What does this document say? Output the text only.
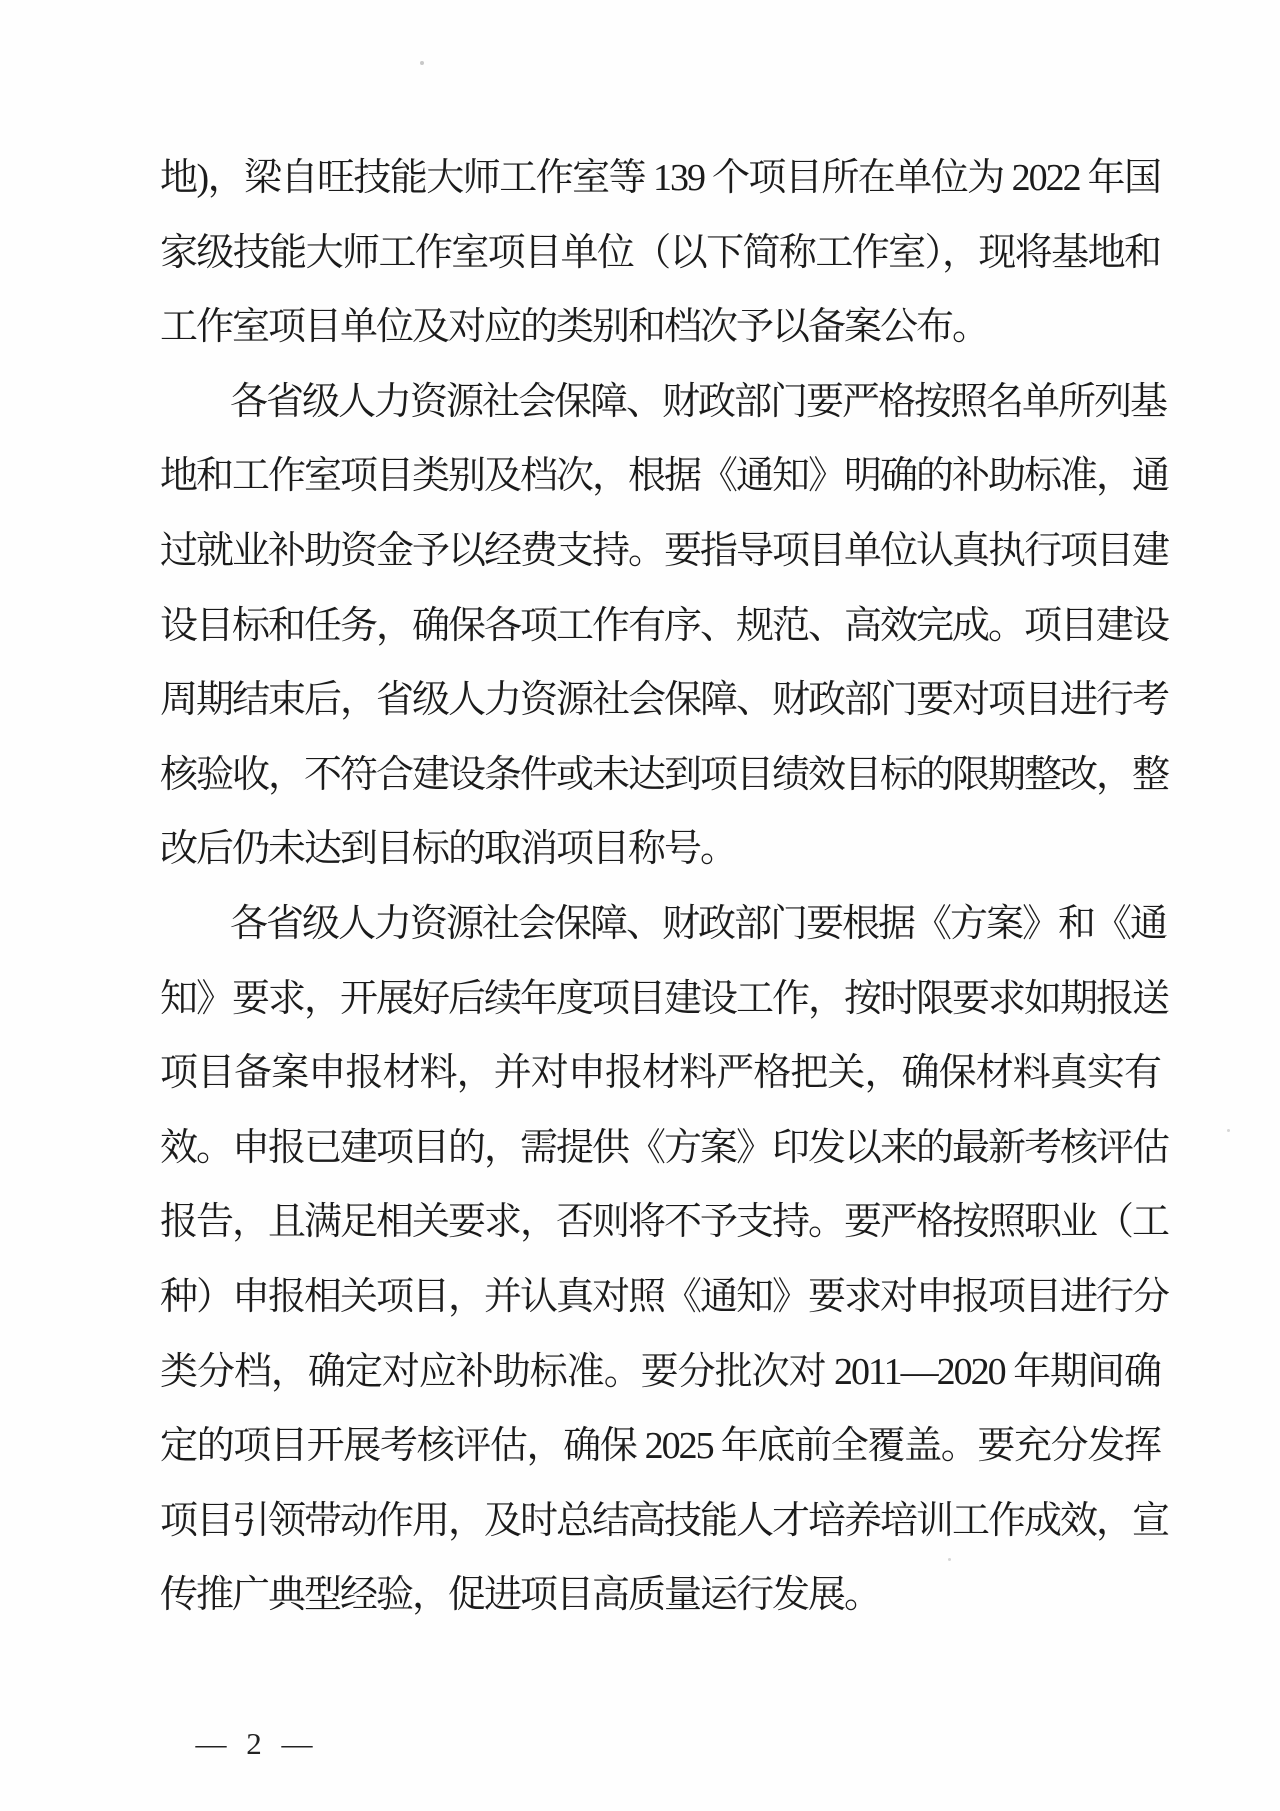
地)，梁自旺技能大师工作室等 139 个项目所在单位为 2022 年国
家级技能大师工作室项目单位（以下简称工作室），现将基地和
工作室项目单位及对应的类别和档次予以备案公布。
各省级人力资源社会保障、财政部门要严格按照名单所列基
地和工作室项目类别及档次，根据《通知》明确的补助标准，通
过就业补助资金予以经费支持。要指导项目单位认真执行项目建
设目标和任务，确保各项工作有序、规范、高效完成。项目建设
周期结束后，省级人力资源社会保障、财政部门要对项目进行考
核验收，不符合建设条件或未达到项目绩效目标的限期整改，整
改后仍未达到目标的取消项目称号。
各省级人力资源社会保障、财政部门要根据《方案》和《通
知》要求，开展好后续年度项目建设工作，按时限要求如期报送
项目备案申报材料，并对申报材料严格把关，确保材料真实有
效。申报已建项目的，需提供《方案》印发以来的最新考核评估
报告，且满足相关要求，否则将不予支持。要严格按照职业（工
种）申报相关项目，并认真对照《通知》要求对申报项目进行分
类分档，确定对应补助标准。要分批次对 2011—2020 年期间确
定的项目开展考核评估，确保 2025 年底前全覆盖。要充分发挥
项目引领带动作用，及时总结高技能人才培养培训工作成效，宣
传推广典型经验，促进项目高质量运行发展。
— 2 —
